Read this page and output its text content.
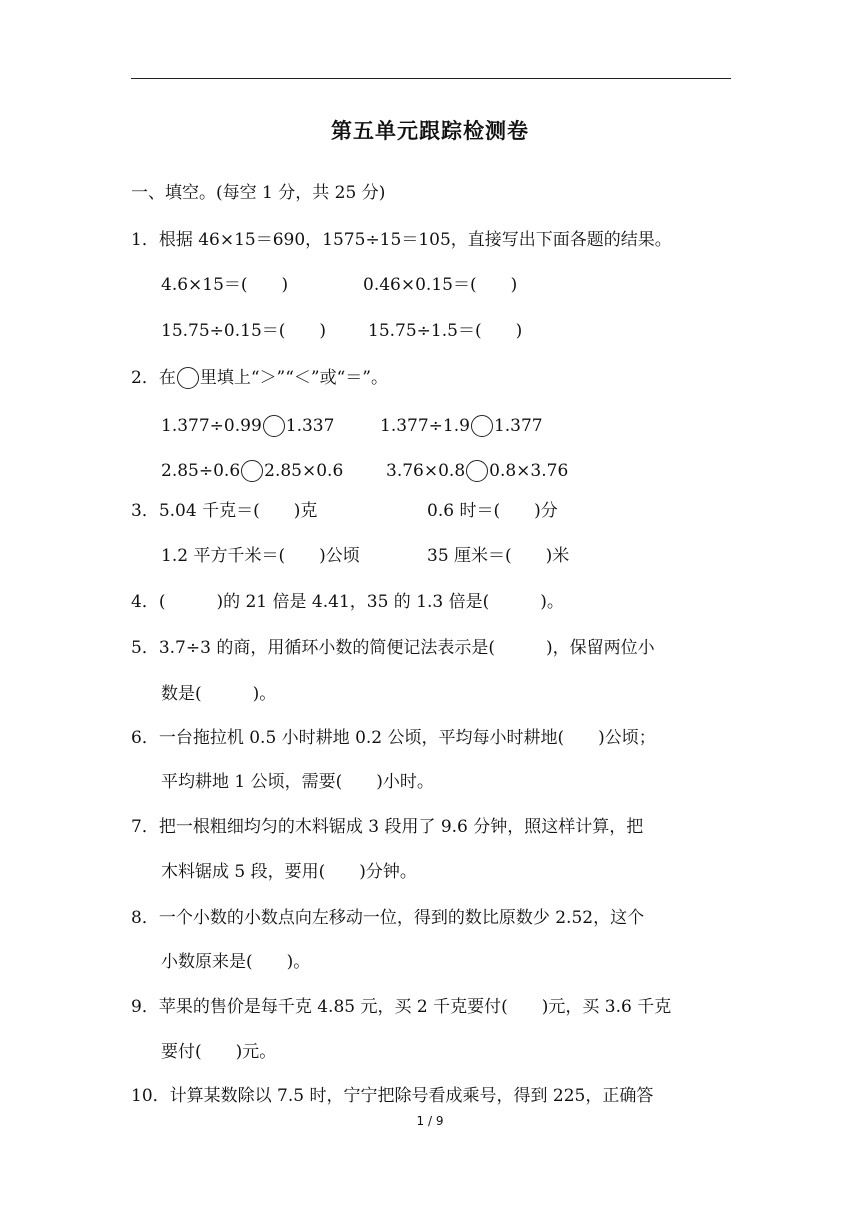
第五单元跟踪检测卷
一、填空。(每空 1 分，共 25 分)
1．根据 46×15＝690，1575÷15＝105，直接写出下面各题的结果。
4.6×15＝(　　)	0.46×0.15＝(　　)
15.75÷0.15＝(　　) 15.75÷1.5＝(　　)
2．在 里填上“＞”“＜”或“＝”。
1.377÷0.99 1.337	1.377÷1.9 1.377
2.85÷0.6 2.85×0.6	3.76×0.8 0.8×3.76
3．5.04 千克＝(　　)克	0.6 时＝(　　)分
1.2 平方千米＝(　　)公顷	35 厘米＝(　　)米
4．(　　　)的 21 倍是 4.41，35 的 1.3 倍是(　　　)。
5．3.7÷3 的商，用循环小数的简便记法表示是(　　　)，保留两位小
数是(　　　)。
6．一台拖拉机 0.5 小时耕地 0.2 公顷，平均每小时耕地(　　)公顷；
平均耕地 1 公顷，需要(　　)小时。
7．把一根粗细均匀的木料锯成 3 段用了 9.6 分钟，照这样计算，把
木料锯成 5 段，要用(　　)分钟。
8．一个小数的小数点向左移动一位，得到的数比原数少 2.52，这个
小数原来是(　　)。
9．苹果的售价是每千克 4.85 元，买 2 千克要付(　　)元，买 3.6 千克
要付(　　)元。
10．计算某数除以 7.5 时，宁宁把除号看成乘号，得到 225，正确答
1 / 9
